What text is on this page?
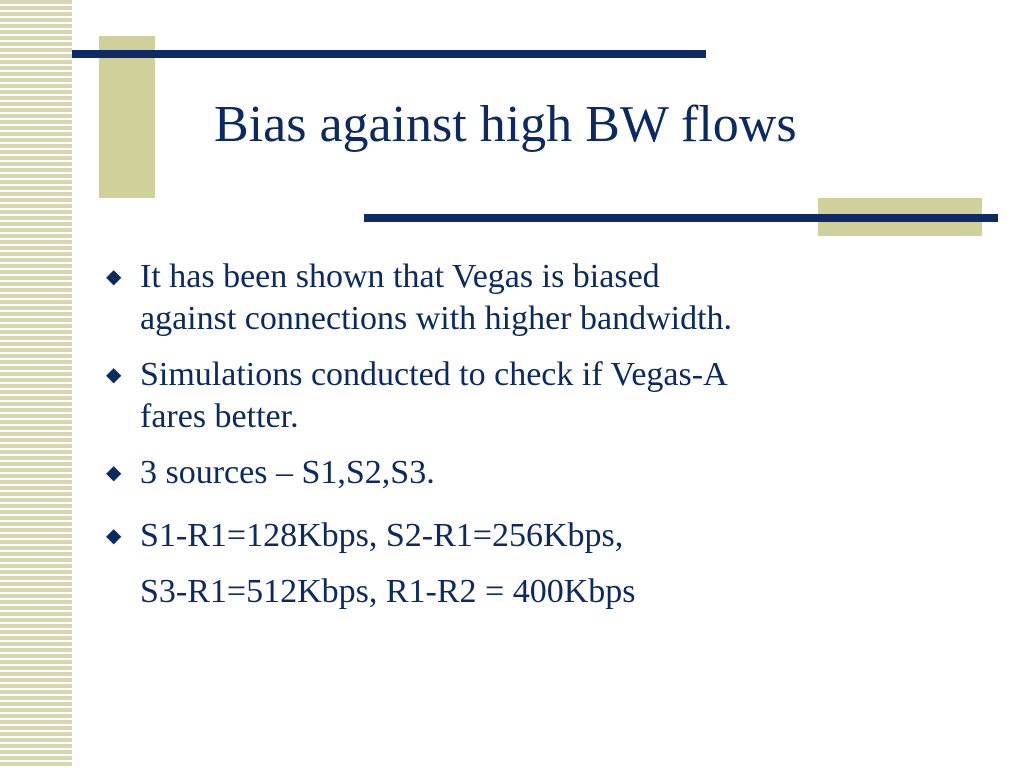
Bias against high BW flows
◆ It has been shown that Vegas is biased
against connections with higher bandwidth.
◆ Simulations conducted to check if Vegas-A
fares better.
◆ 3 sources – S1,S2,S3.
◆ S1-R1=128Kbps, S2-R1=256Kbps,
S3-R1=512Kbps, R1-R2 = 400Kbps
